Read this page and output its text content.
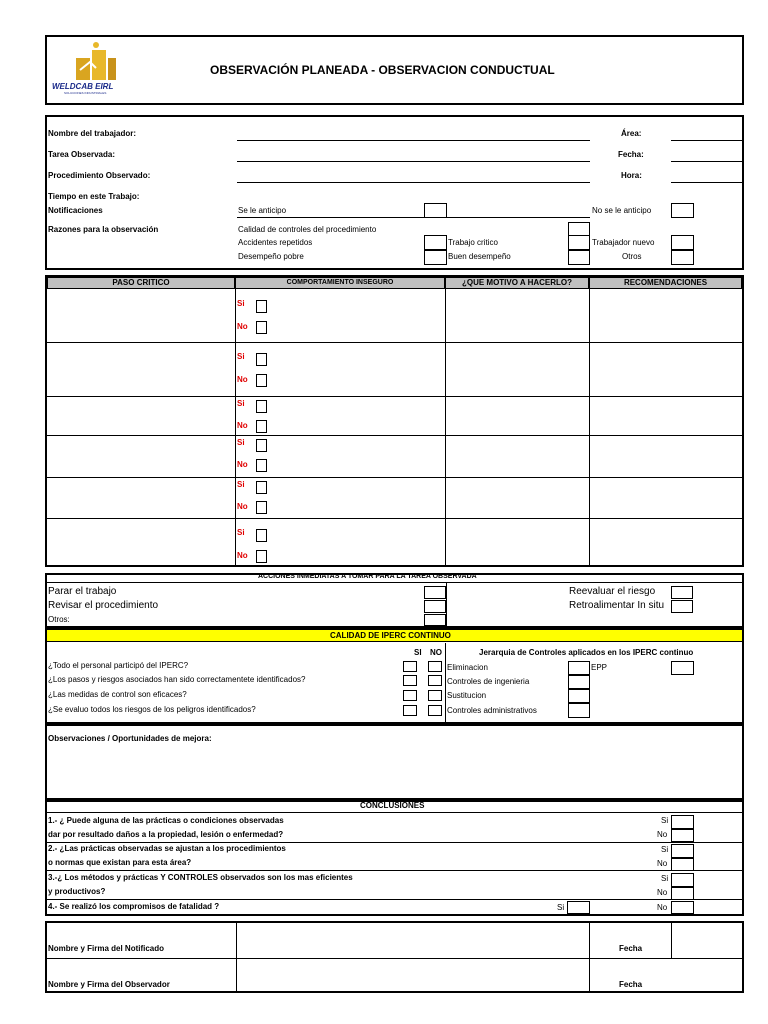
WELDCAB EIRL
SOLUCIONES INDUSTRIALES
OBSERVACIÓN PLANEADA - OBSERVACION CONDUCTUAL
Nombre del trabajador:	Área:
Tarea Observada:	Fecha:
Procedimiento Observado:	Hora:
Tiempo en este Trabajo:
Notificaciones	Se le anticipo	No se le anticipo
Razones para la observación	Calidad de controles del procedimiento
Accidentes repetidos	Trabajo critico	Trabajador nuevo
Desempeño pobre	Buen desempeño	Otros
PASO CRITICO	COMPORTAMIENTO INSEGURO	¿QUE MOTIVO A HACERLO?	RECOMENDACIONES
Si
No
Si
No
Si
No
Si
No
Si
No
Si
No
ACCIONES INMEDIATAS A TOMAR PARA LA TAREA OBSERVADA
Parar el trabajo
Revisar el procedimiento
Otros:
Reevaluar el riesgo
Retroalimentar In situ
CALIDAD DE IPERC CONTINUO
SI NO
¿Todo el personal participó del IPERC?
¿Los pasos y riesgos asociados han sido correctamentete identificados?
¿Las medidas de control son eficaces?
¿Se evaluo todos los riesgos de los peligros identificados?
Jerarquia de Controles aplicados en los IPERC continuo
Eliminacion	EPP
Controles de ingenieria
Sustitucion
Controles administrativos
Observaciones / Oportunidades de mejora:
CONCLUSIONES
1.- ¿ Puede alguna de las prácticas o condiciones observadas
dar por resultado daños a la propiedad, lesión o enfermedad?
2.- ¿Las prácticas observadas se ajustan a los procedimientos
o normas que existan para esta área?
3.-¿ Los métodos y prácticas Y CONTROLES observados son los mas eficientes
y productivos?
4.- Se realizó los compromisos de fatalidad ?
Si
No
Si
No
Si
No
Si	No
Nombre y Firma del Notificado	Fecha
Nombre y Firma del Observador	Fecha
